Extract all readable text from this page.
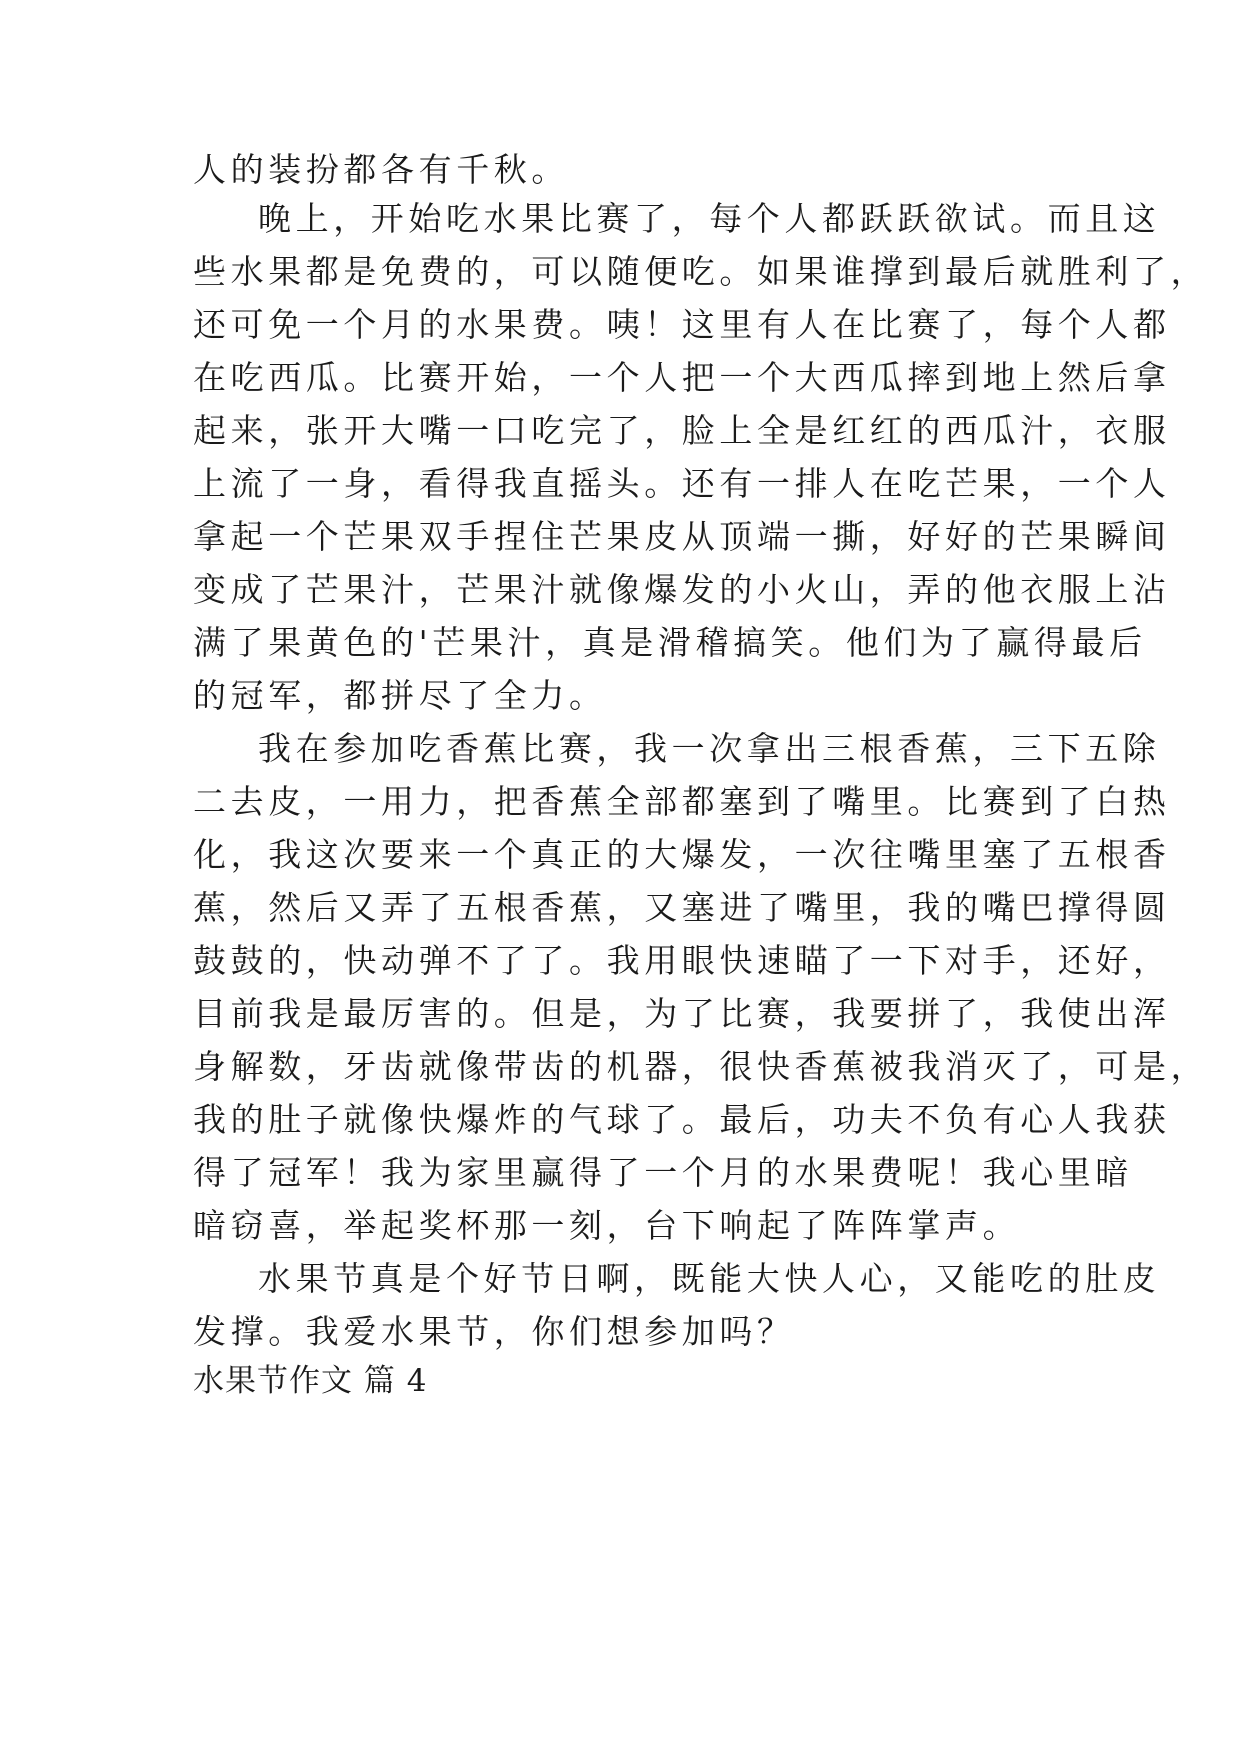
人的装扮都各有千秋。
晚上，开始吃水果比赛了，每个人都跃跃欲试。而且这
些水果都是免费的，可以随便吃。如果谁撑到最后就胜利了，
还可免一个月的水果费。咦！这里有人在比赛了，每个人都
在吃西瓜。比赛开始，一个人把一个大西瓜摔到地上然后拿
起来，张开大嘴一口吃完了，脸上全是红红的西瓜汁，衣服
上流了一身，看得我直摇头。还有一排人在吃芒果，一个人
拿起一个芒果双手捏住芒果皮从顶端一撕，好好的芒果瞬间
变成了芒果汁，芒果汁就像爆发的小火山，弄的他衣服上沾
满了果黄色的'芒果汁，真是滑稽搞笑。他们为了赢得最后
的冠军，都拼尽了全力。
我在参加吃香蕉比赛，我一次拿出三根香蕉，三下五除
二去皮，一用力，把香蕉全部都塞到了嘴里。比赛到了白热
化，我这次要来一个真正的大爆发，一次往嘴里塞了五根香
蕉，然后又弄了五根香蕉，又塞进了嘴里，我的嘴巴撑得圆
鼓鼓的，快动弹不了了。我用眼快速瞄了一下对手，还好，
目前我是最厉害的。但是，为了比赛，我要拼了，我使出浑
身解数，牙齿就像带齿的机器，很快香蕉被我消灭了，可是，
我的肚子就像快爆炸的气球了。最后，功夫不负有心人我获
得了冠军！我为家里赢得了一个月的水果费呢！我心里暗
暗窃喜，举起奖杯那一刻，台下响起了阵阵掌声。
水果节真是个好节日啊，既能大快人心，又能吃的肚皮
发撑。我爱水果节，你们想参加吗？
水果节作文 篇 4
